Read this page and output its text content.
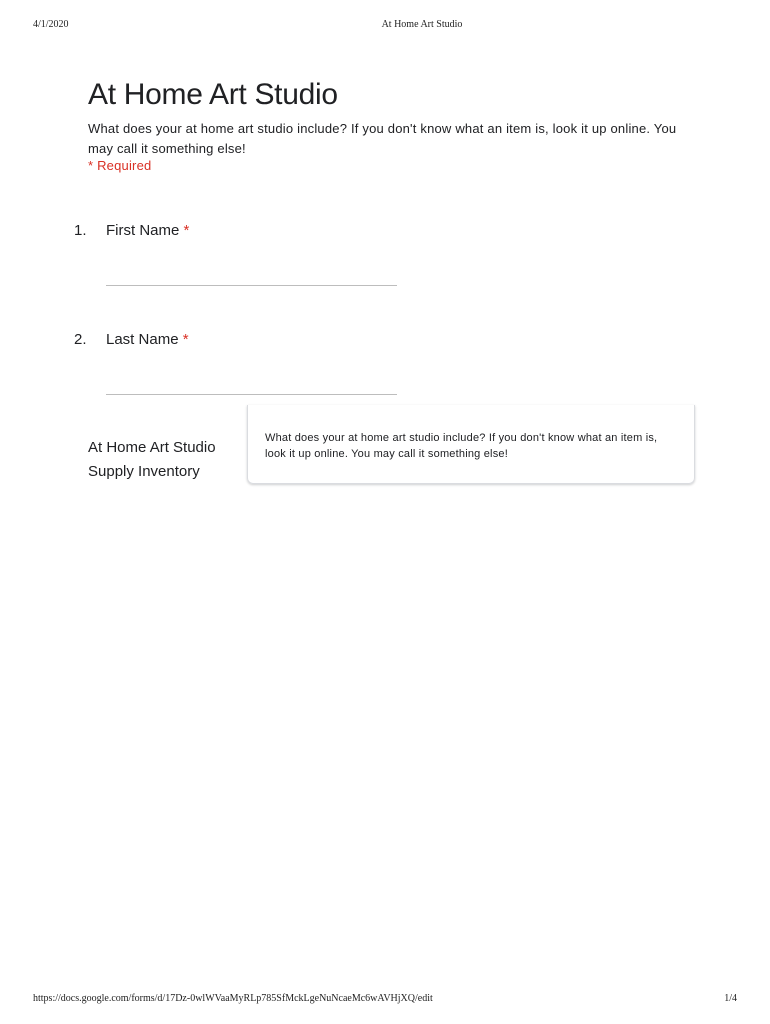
4/1/2020	At Home Art Studio
At Home Art Studio
What does your at home art studio include? If you don't know what an item is, look it up online. You may call it something else!
* Required
1. First Name *
2. Last Name *
At Home Art Studio Supply Inventory
What does your at home art studio include? If you don't know what an item is, look it up online. You may call it something else!
https://docs.google.com/forms/d/17Dz-0wlWVaaMyRLp785SfMckLgeNuNcaeMc6wAVHjXQ/edit	1/4
